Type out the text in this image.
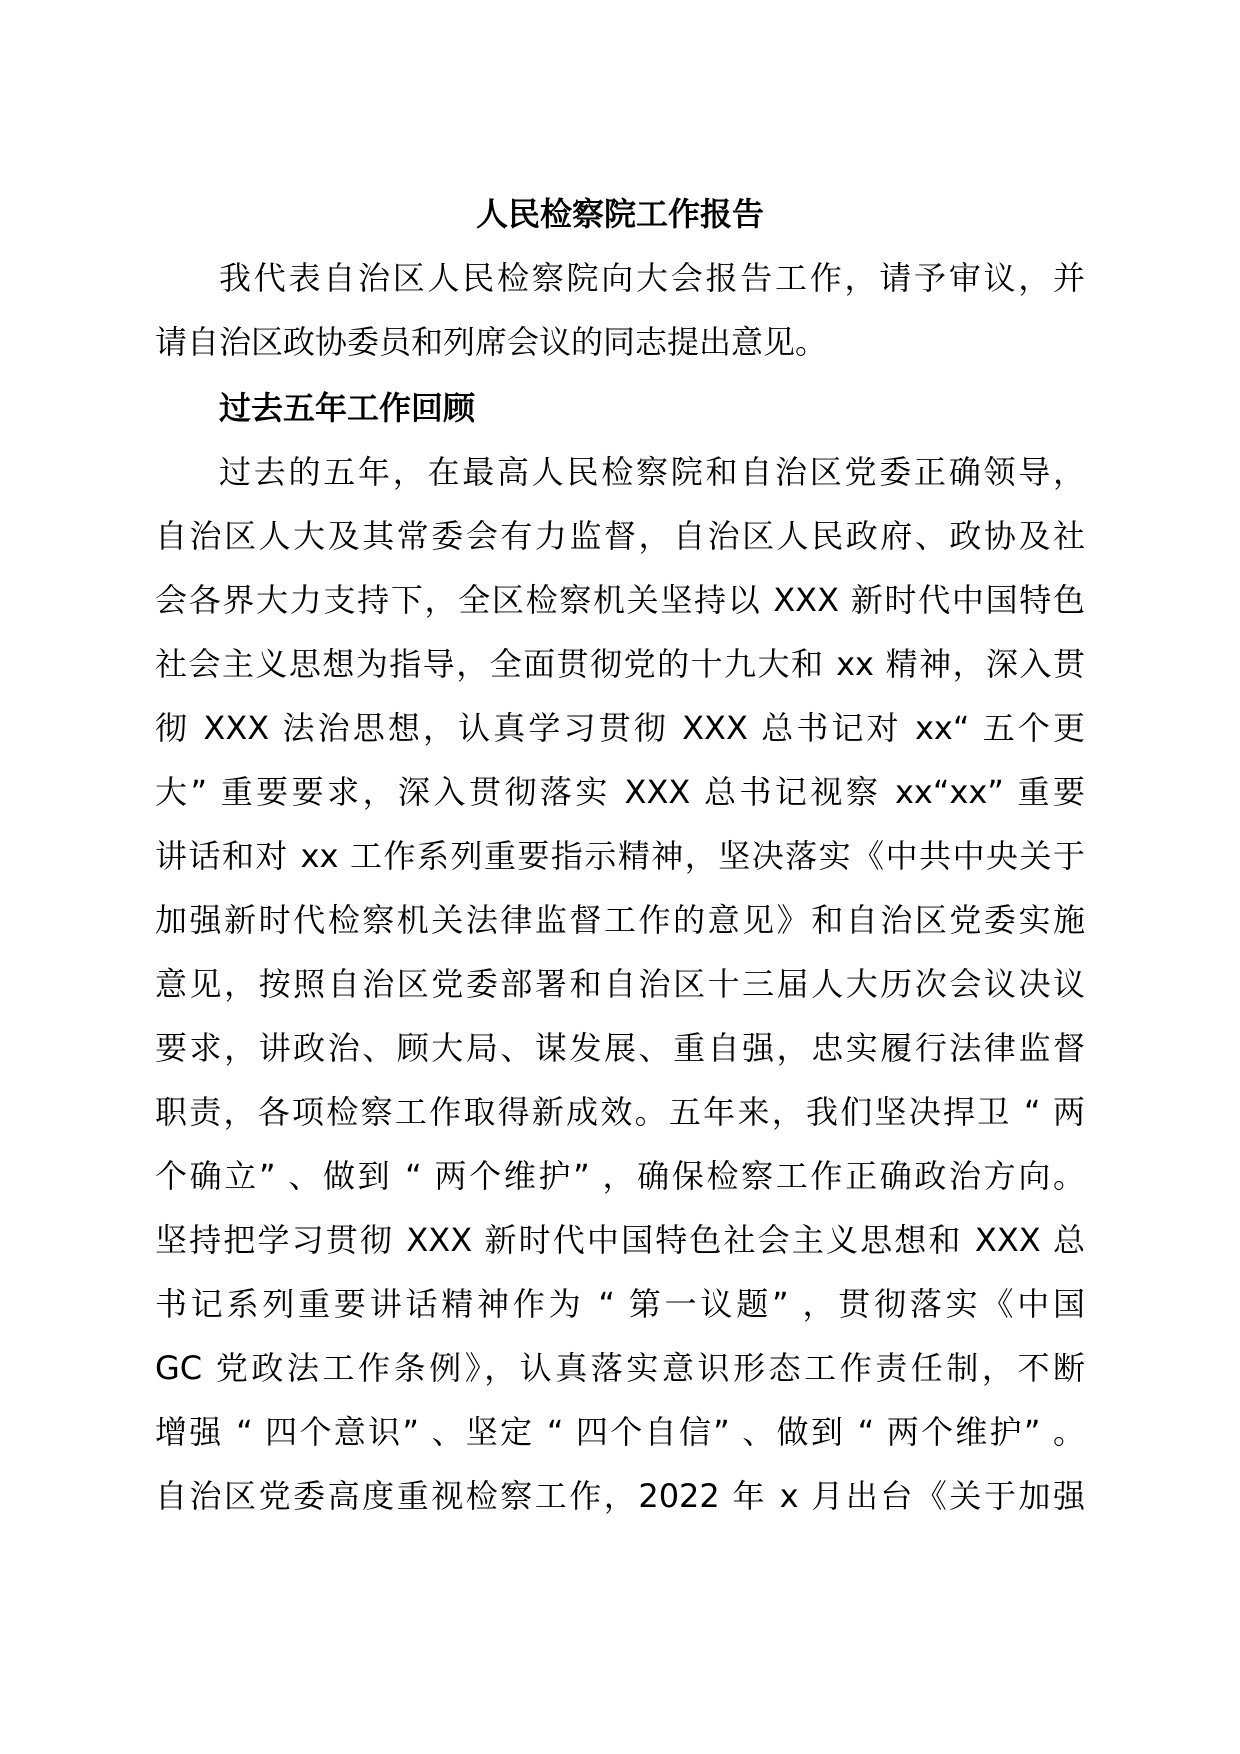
人民检察院工作报告
我代表自治区人民检察院向大会报告工作，请予审议，并
请自治区政协委员和列席会议的同志提出意见。
过去五年工作回顾
过去的五年，在最高人民检察院和自治区党委正确领导，
自治区人大及其常委会有力监督，自治区人民政府、政协及社
会各界大力支持下，全区检察机关坚持以 XXX 新时代中国特色
社会主义思想为指导，全面贯彻党的十九大和 xx 精神，深入贯
彻 XXX 法治思想，认真学习贯彻 XXX 总书记对 xx“ 五个更
大” 重要要求，深入贯彻落实 XXX 总书记视察 xx“xx” 重要
讲话和对 xx 工作系列重要指示精神，坚决落实《中共中央关于
加强新时代检察机关法律监督工作的意见》和自治区党委实施
意见，按照自治区党委部署和自治区十三届人大历次会议决议
要求，讲政治、顾大局、谋发展、重自强，忠实履行法律监督
职责，各项检察工作取得新成效。五年来，我们坚决捍卫 “ 两
个确立” 、做到 “ 两个维护” ，确保检察工作正确政治方向。
坚持把学习贯彻 XXX 新时代中国特色社会主义思想和 XXX 总
书记系列重要讲话精神作为 “ 第一议题” ，贯彻落实《中国
GC 党政法工作条例》，认真落实意识形态工作责任制，不断
增强 “ 四个意识” 、坚定 “ 四个自信” 、做到 “ 两个维护” 。
自治区党委高度重视检察工作，2022 年 x 月出台《关于加强
